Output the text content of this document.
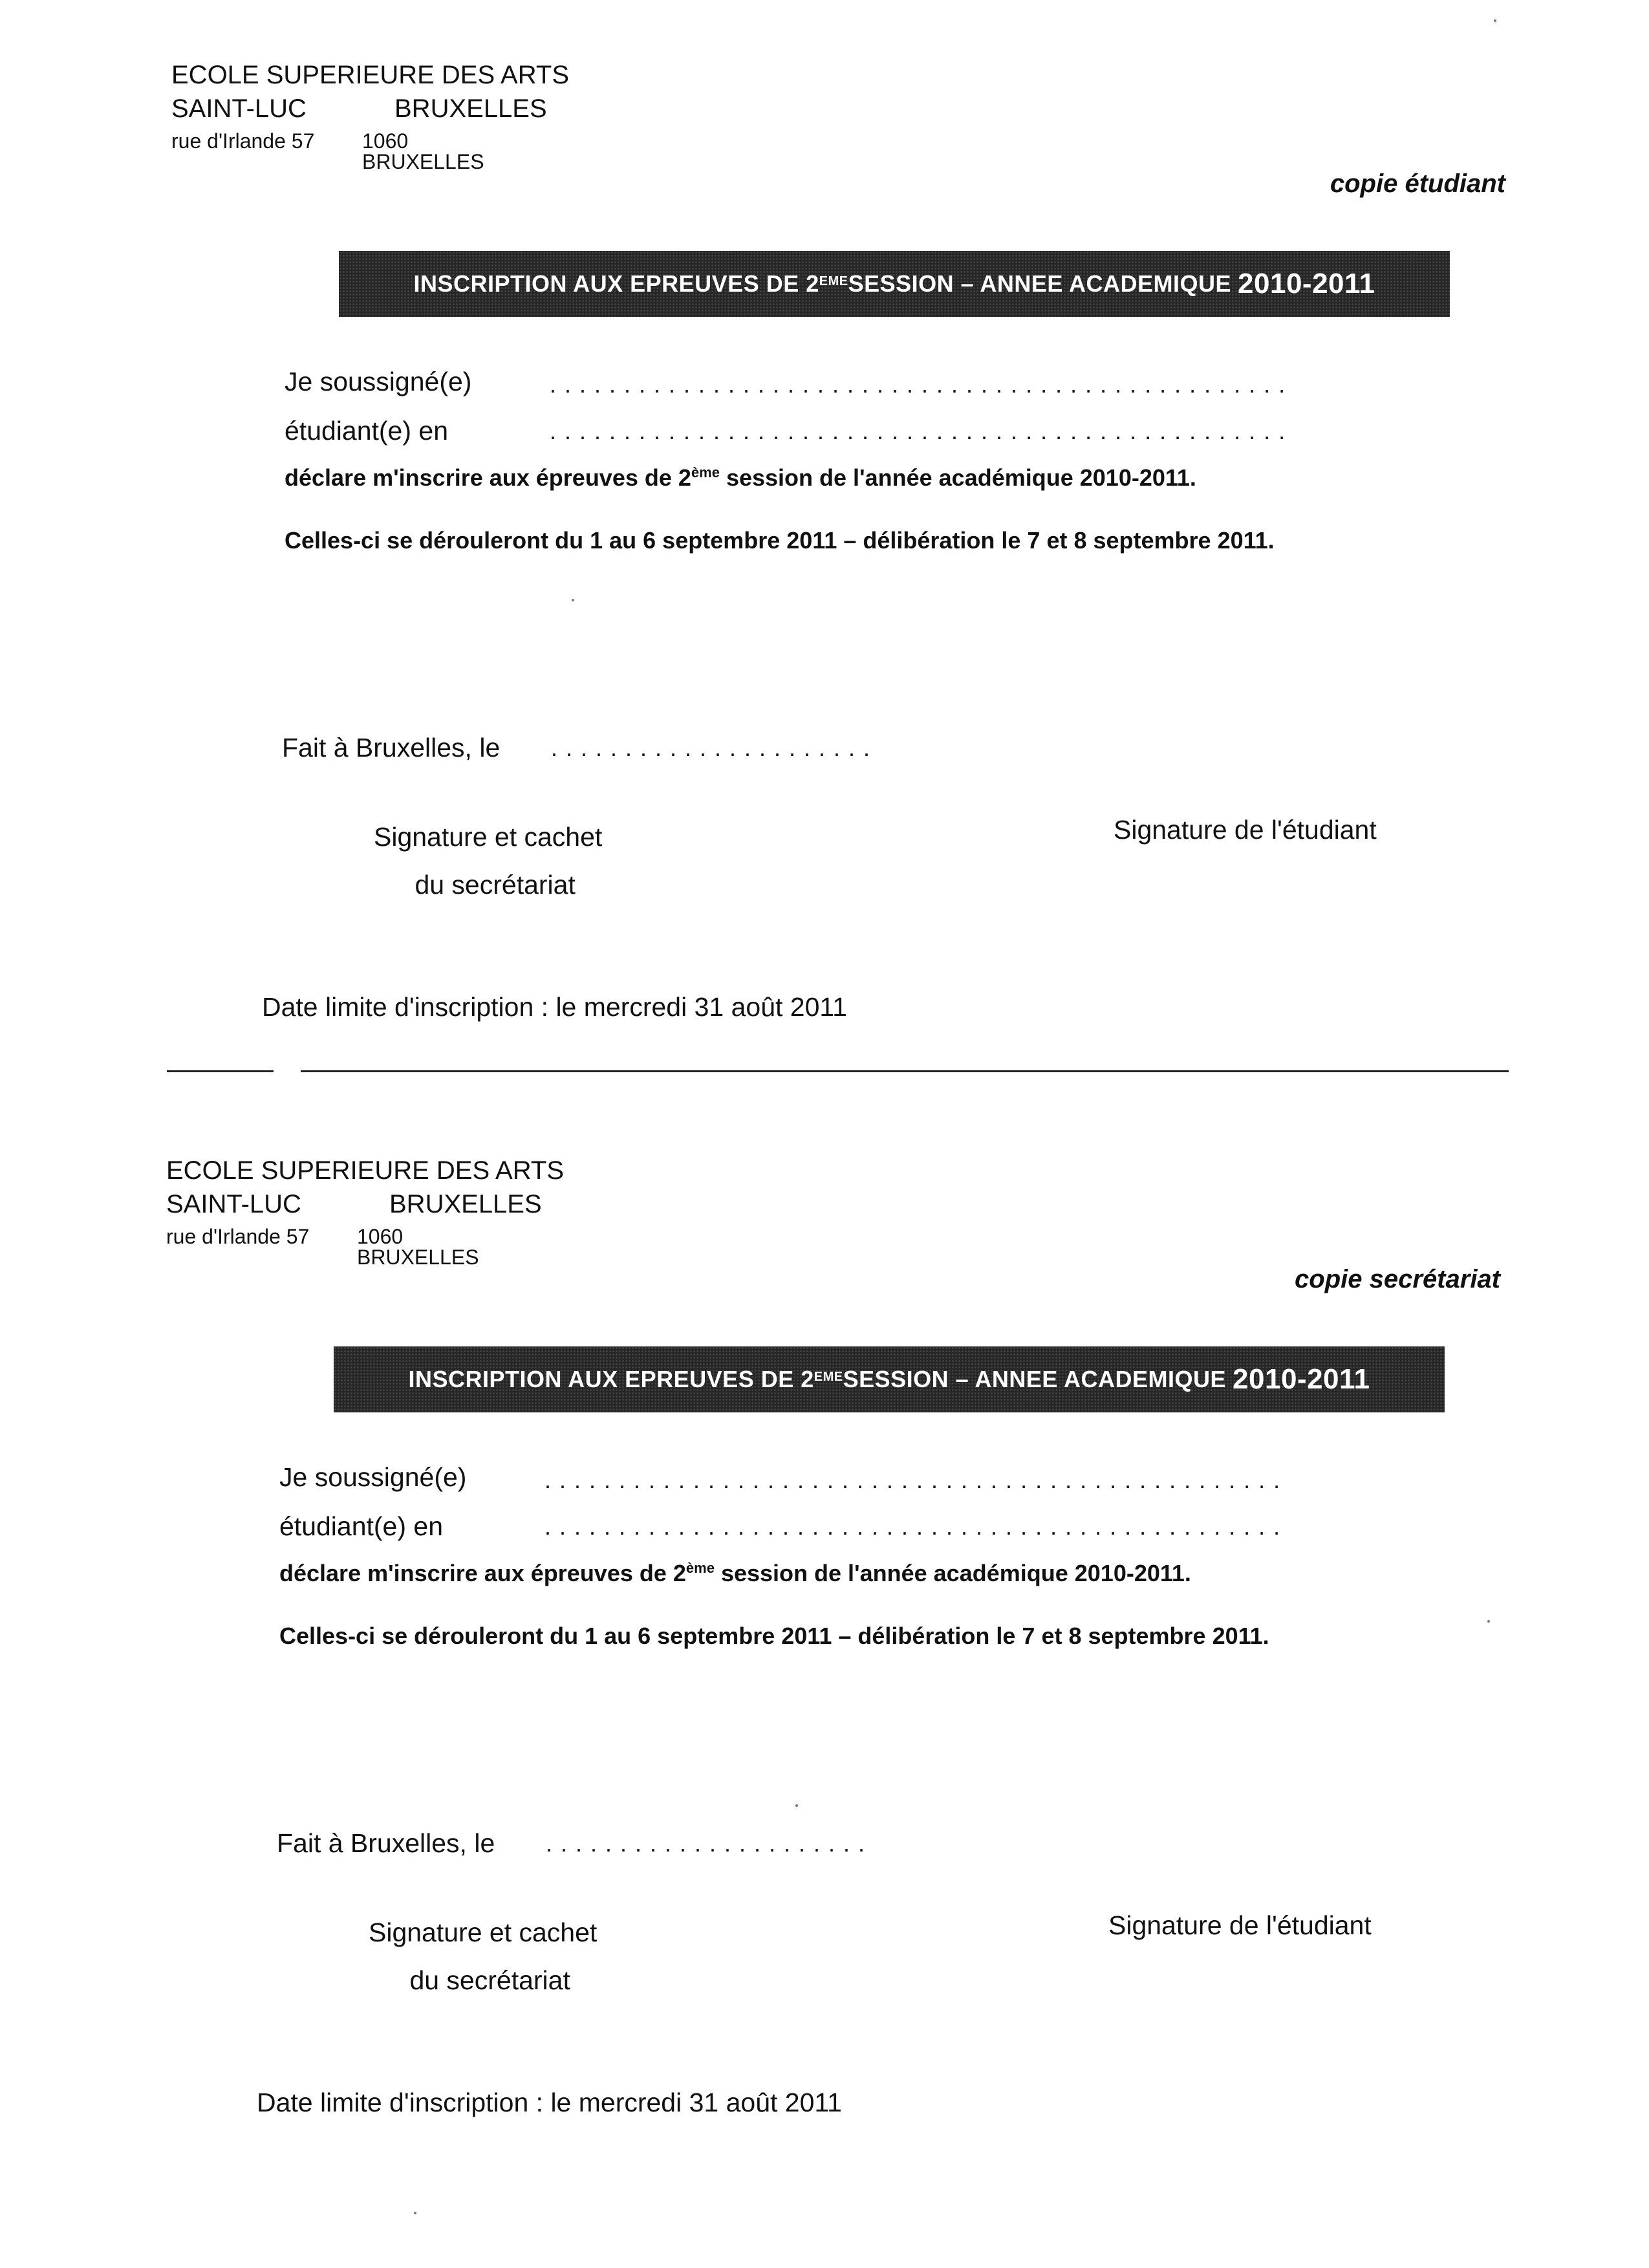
ECOLE SUPERIEURE DES ARTS
SAINT-LUC	BRUXELLES
rue d'Irlande 57 1060 BRUXELLES
copie étudiant
INSCRIPTION AUX EPREUVES DE 2EME SESSION – ANNEE ACADEMIQUE 2010-2011
Je soussigné(e)	..................................................
étudiant(e) en	..................................................
déclare m'inscrire aux épreuves de 2ème session de l'année académique 2010-2011.
Celles-ci se dérouleront du 1 au 6 septembre 2011 – délibération le 7 et 8 septembre 2011.
Fait à Bruxelles, le ......................
Signature et cachet
du secrétariat
Signature de l'étudiant
Date limite d'inscription : le mercredi 31 août 2011
ECOLE SUPERIEURE DES ARTS
SAINT-LUC	BRUXELLES
rue d'Irlande 57 1060 BRUXELLES
copie secrétariat
INSCRIPTION AUX EPREUVES DE 2EME SESSION – ANNEE ACADEMIQUE 2010-2011
Je soussigné(e)	..................................................
étudiant(e) en	..................................................
déclare m'inscrire aux épreuves de 2ème session de l'année académique 2010-2011.
Celles-ci se dérouleront du 1 au 6 septembre 2011 – délibération le 7 et 8 septembre 2011.
Fait à Bruxelles, le ......................
Signature et cachet
du secrétariat
Signature de l'étudiant
Date limite d'inscription : le mercredi 31 août 2011
